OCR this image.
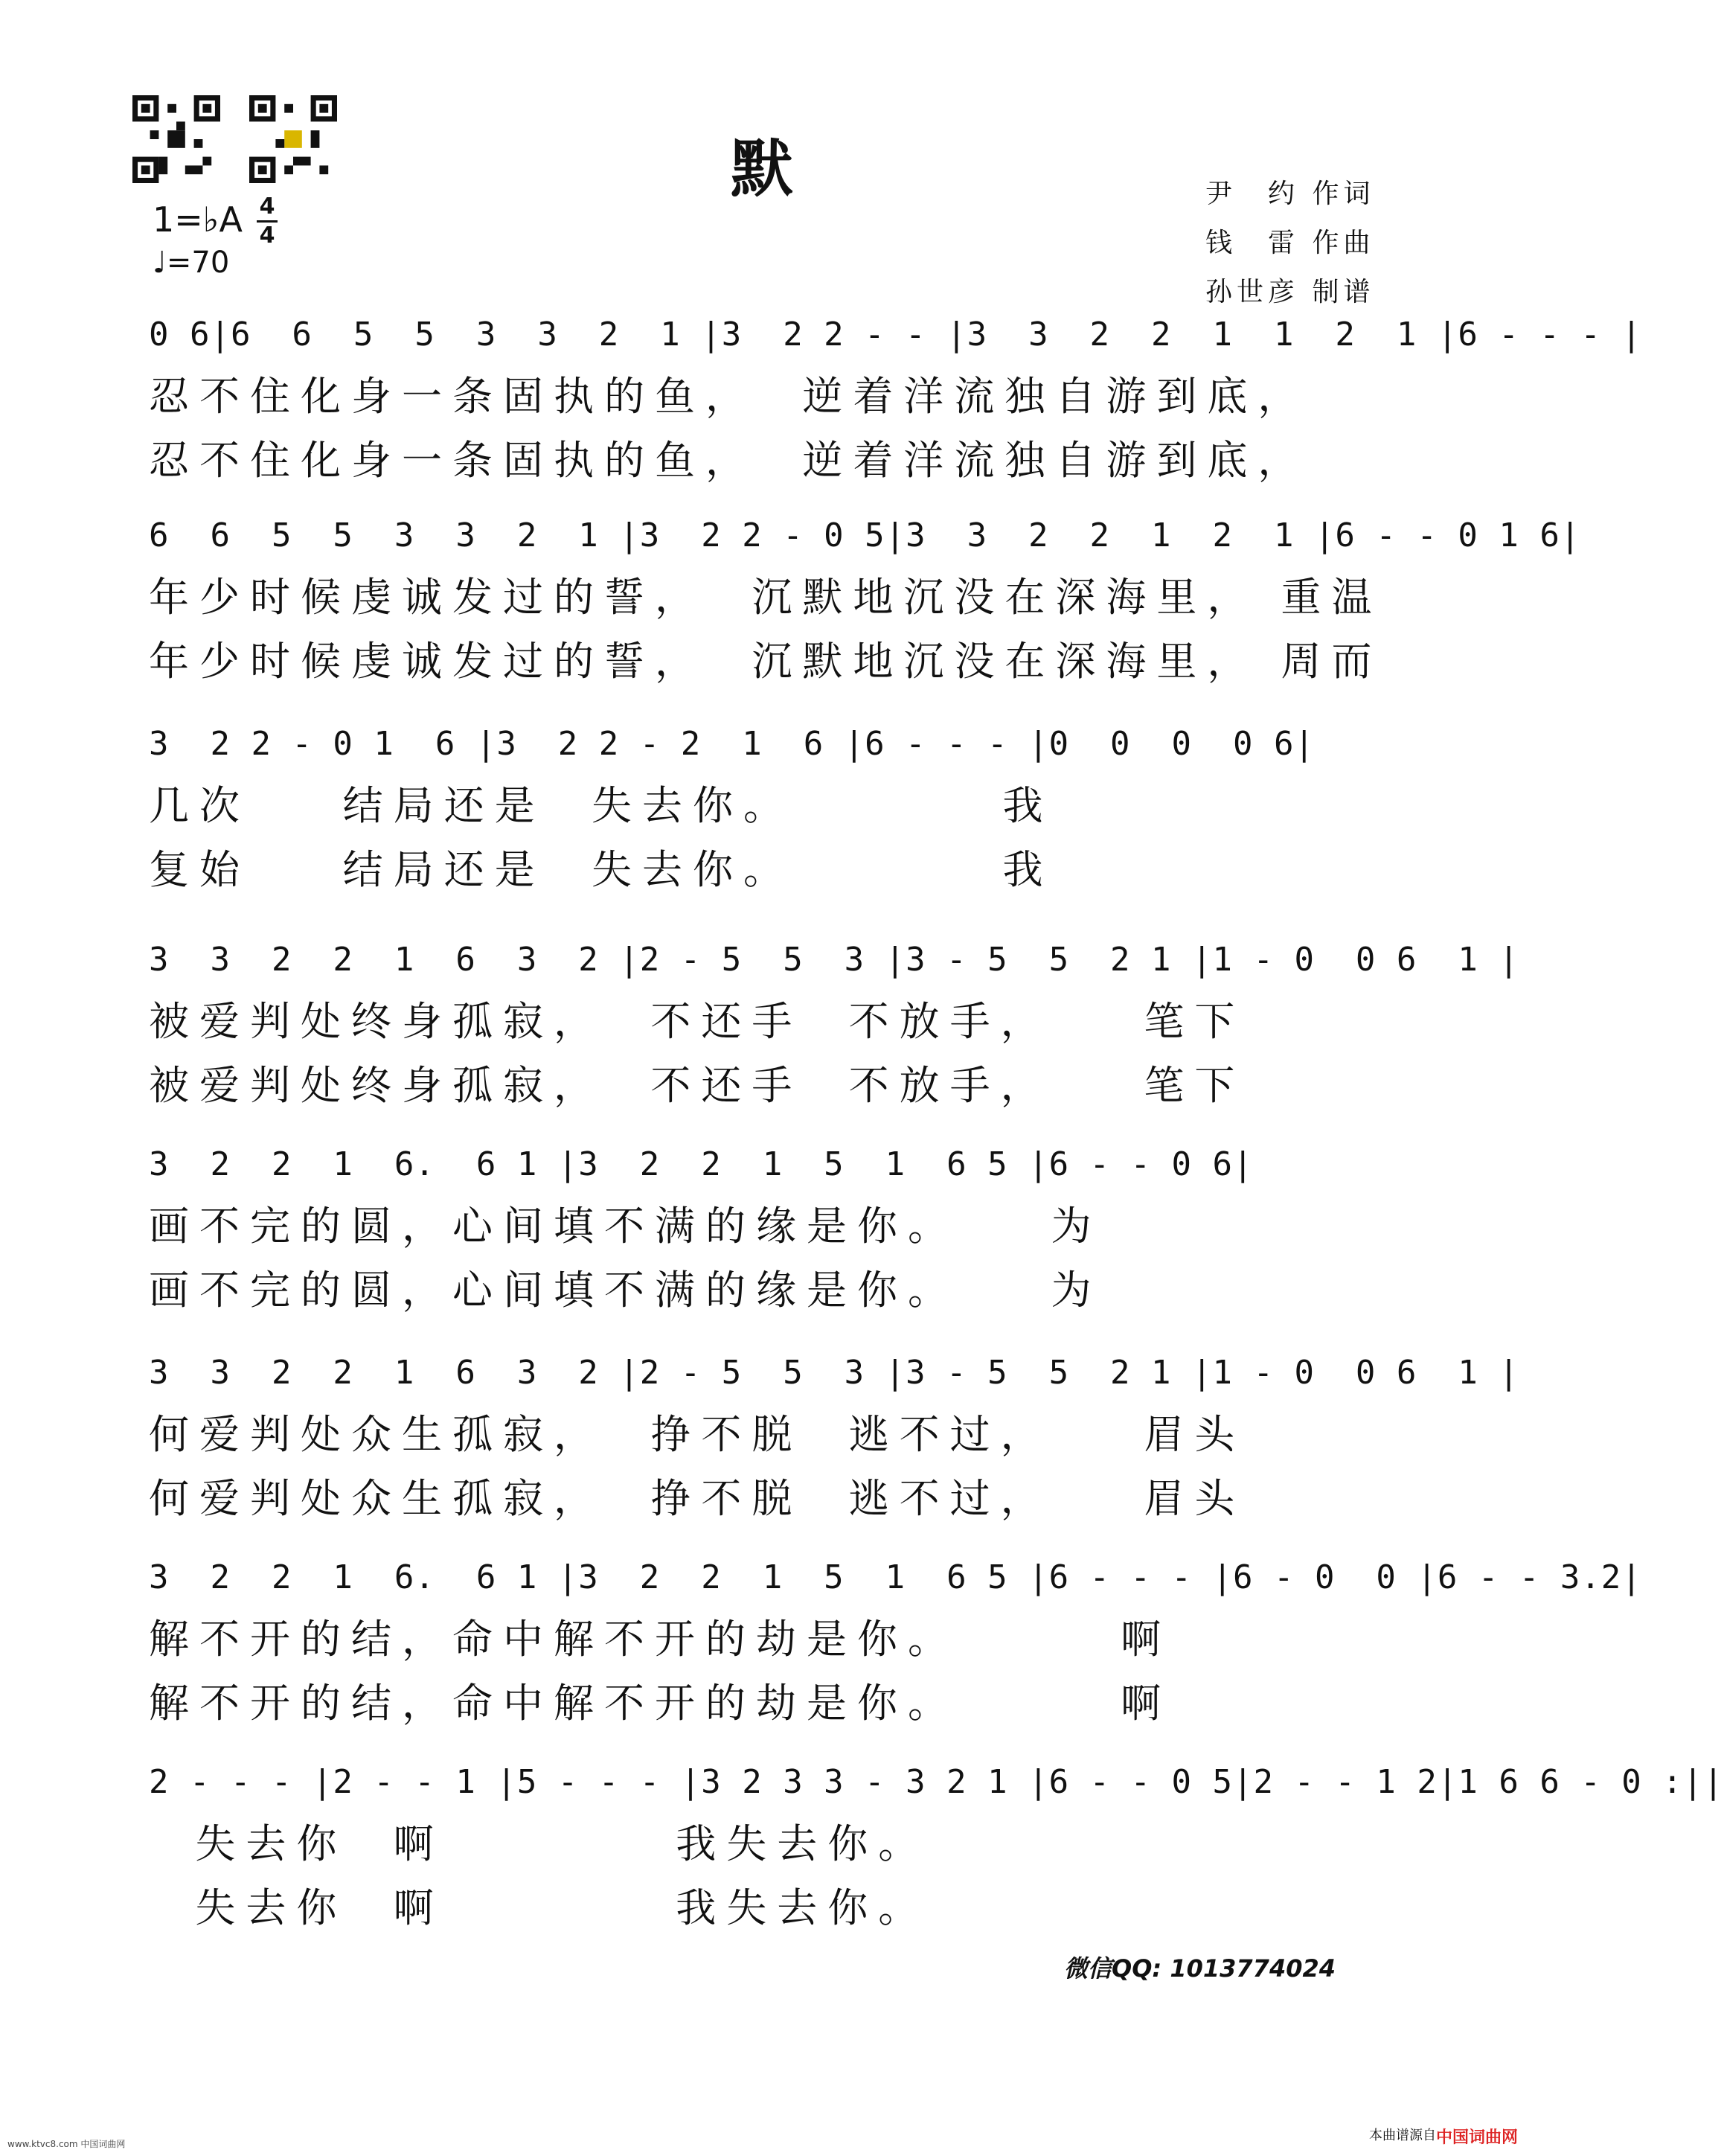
默	尹　约 作词
钱　雷 作曲
孙世彦 制谱
1=♭A 4
4
♩=70
0 6|6  6  5  5  3  3  2  1 |3  2 2 - - |3  3  2  2  1  1  2  1 |6 - - - |
忍不住化身一条固执的鱼，  逆着洋流独自游到底，
忍不住化身一条固执的鱼，  逆着洋流独自游到底，
6  6  5  5  3  3  2  1 |3  2 2 - 0 5|3  3  2  2  1  2  1 |6 - - 0 1 6|
年少时候虔诚发过的誓，  沉默地沉没在深海里， 重温
年少时候虔诚发过的誓，  沉默地沉没在深海里， 周而
3  2 2 - 0 1  6 |3  2 2 - 2  1  6 |6 - - - |0  0  0  0 6|
几次    结局还是  失去你。         我
复始    结局还是  失去你。         我
3  3  2  2  1  6  3  2 |2 - 5  5  3 |3 - 5  5  2 1 |1 - 0  0 6  1 |
被爱判处终身孤寂，  不还手  不放手，    笔下
被爱判处终身孤寂，  不还手  不放手，    笔下
3  2  2  1  6.  6 1 |3  2  2  1  5  1  6 5 |6 - - 0 6|
画不完的圆，心间填不满的缘是你。    为
画不完的圆，心间填不满的缘是你。    为
3  3  2  2  1  6  3  2 |2 - 5  5  3 |3 - 5  5  2 1 |1 - 0  0 6  1 |
何爱判处众生孤寂，  挣不脱  逃不过，    眉头
何爱判处众生孤寂，  挣不脱  逃不过，    眉头
3  2  2  1  6.  6 1 |3  2  2  1  5  1  6 5 |6 - - - |6 - 0  0 |6 - - 3.2|
解不开的结，命中解不开的劫是你。       啊
解不开的结，命中解不开的劫是你。       啊
2 - - - |2 - - 1 |5 - - - |3 2 3 3 - 3 2 1 |6 - - 0 5|2 - - 1 2|1 6 6 - 0 :||
失去你  啊          我失去你。
失去你  啊          我失去你。
微信QQ: 1013774024
本曲谱源自 中国词曲网
www.ktvc8.com 中国词曲网
